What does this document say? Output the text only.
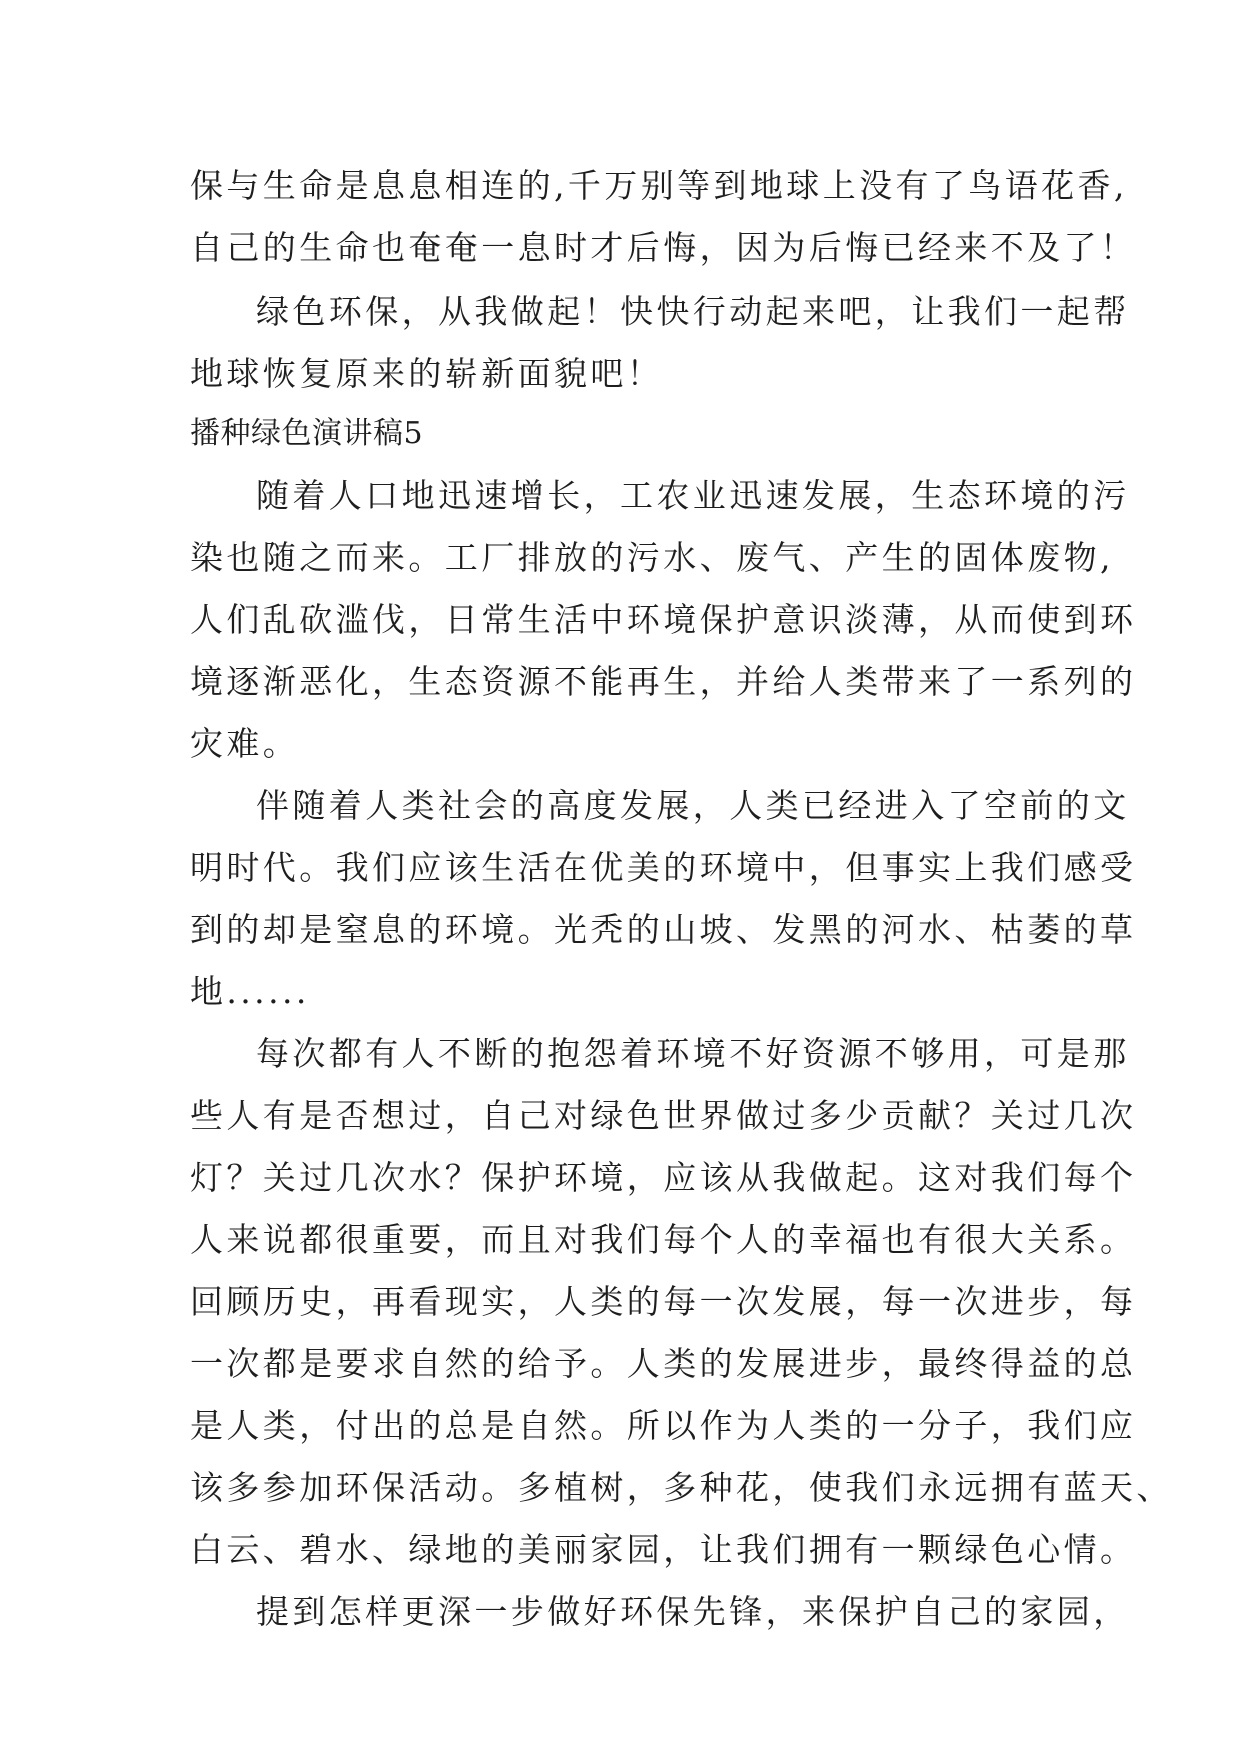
保与生命是息息相连的,千万别等到地球上没有了鸟语花香,
自己的生命也奄奄一息时才后悔，因为后悔已经来不及了！
绿色环保，从我做起！快快行动起来吧，让我们一起帮
地球恢复原来的崭新面貌吧！
播种绿色演讲稿5
随着人口地迅速增长，工农业迅速发展，生态环境的污
染也随之而来。工厂排放的污水、废气、产生的固体废物,
人们乱砍滥伐，日常生活中环境保护意识淡薄，从而使到环
境逐渐恶化，生态资源不能再生，并给人类带来了一系列的
灾难。
伴随着人类社会的高度发展，人类已经进入了空前的文
明时代。我们应该生活在优美的环境中，但事实上我们感受
到的却是窒息的环境。光秃的山坡、发黑的河水、枯萎的草
地......
每次都有人不断的抱怨着环境不好资源不够用，可是那
些人有是否想过，自己对绿色世界做过多少贡献？关过几次
灯？关过几次水？保护环境，应该从我做起。这对我们每个
人来说都很重要，而且对我们每个人的幸福也有很大关系。
回顾历史，再看现实，人类的每一次发展，每一次进步，每
一次都是要求自然的给予。人类的发展进步，最终得益的总
是人类，付出的总是自然。所以作为人类的一分子，我们应
该多参加环保活动。多植树，多种花，使我们永远拥有蓝天、
白云、碧水、绿地的美丽家园，让我们拥有一颗绿色心情。
提到怎样更深一步做好环保先锋，来保护自己的家园，
